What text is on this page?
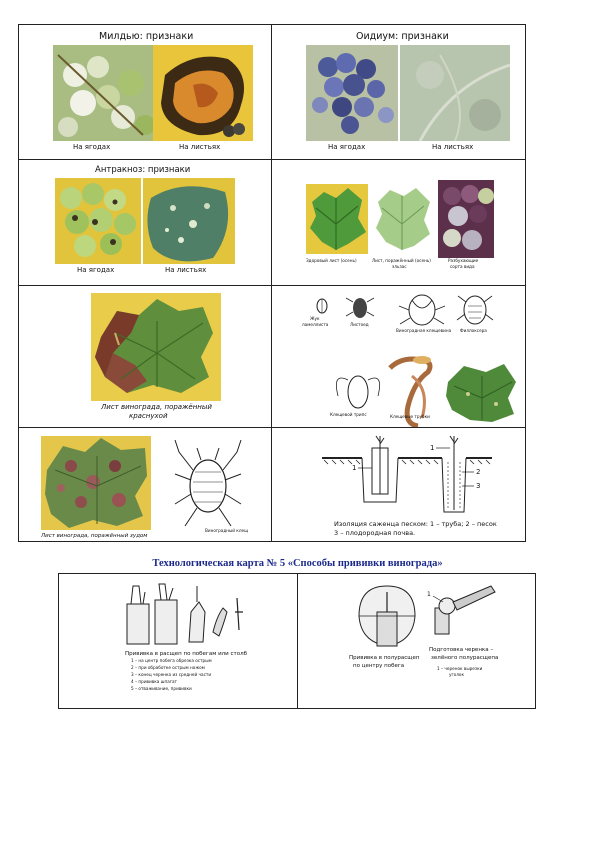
Милдью: признаки
На ягодах	На листьях
Оидиум: признаки
На ягодах	На листьях
Антракноз: признаки
На ягодах	На листьях
Здоровый лист (осень)	Лист, поражённый (осень)
эльзас
Разбухающие
сорта вида
Лист винограда, поражённый
краснухой
Жук
ламеллиста	Листоед
Виноградная клещевина Филлоксера
Клещевой трипс	Клещевые трубки
Виноградный клещ
Лист винограда, поражённый зудом
1
1
2
3
Изоляция саженца песком: 1 – труба; 2 – песок
3 – плодородная почва.
Технологическая карта № 5 «Способы прививки винограда»
Прививка в расщеп по побегам или столб
1 – на центр побега обрезка острым
2 – при обработке острым ножом
3 – конец черенка из средней части
4 – прививка шпагат
5 – отваживание, прививки
Прививка в полурасщеп
по центру побега
1
Подготовка черенка –
зелёного полурасщепа
1 – черенок вырезки
уголок
